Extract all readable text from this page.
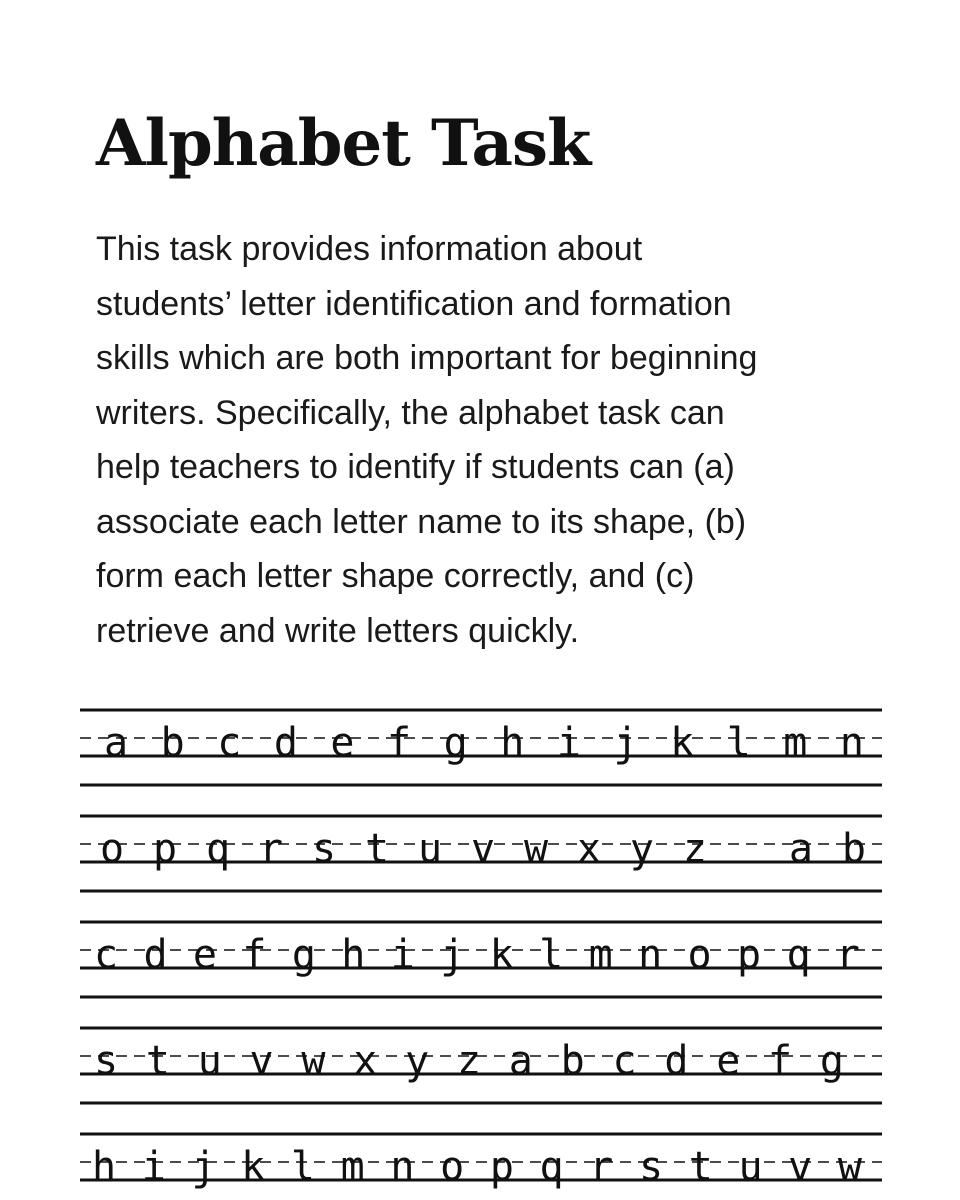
Alphabet Task

This task provides information about
students’ letter identification and formation
skills which are both important for beginning
writers. Specifically, the alphabet task can
help teachers to identify if students can (a)
associate each letter name to its shape, (b)
form each letter shape correctly, and (c)
retrieve and write letters quickly.

abcdefghijklmn
opqrstuvwxyz ab
cdefghijklmnopqr
stuvwxyzabcdefg
hijklmnopqrstuvw
